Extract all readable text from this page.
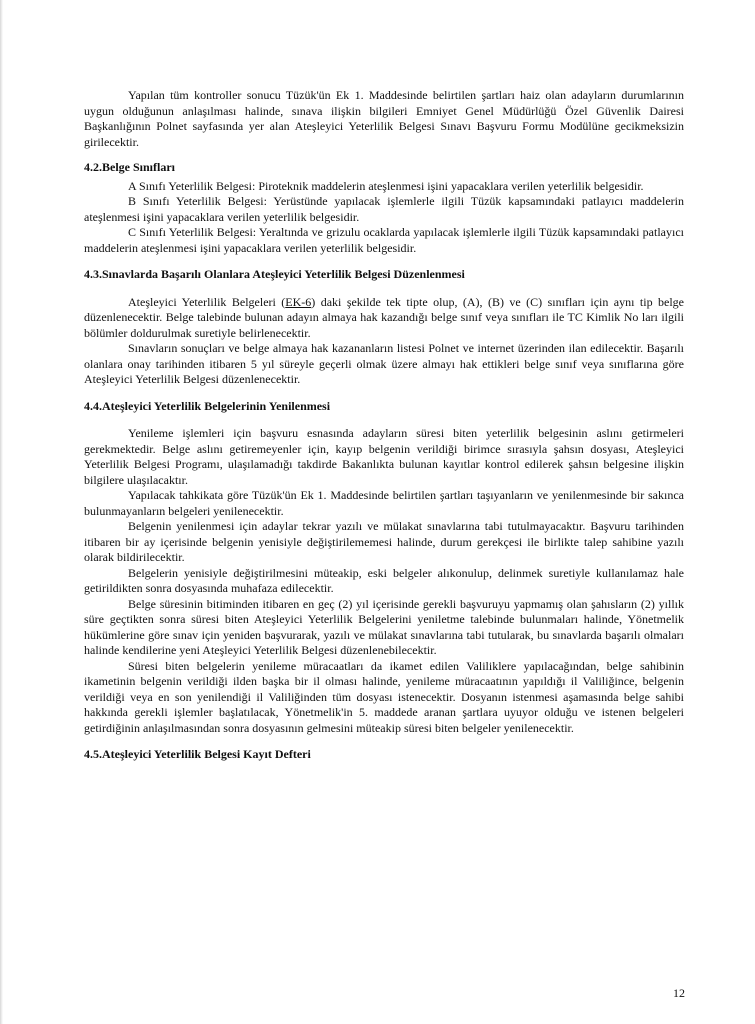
Yapılan tüm kontroller sonucu Tüzük'ün Ek 1. Maddesinde belirtilen şartları haiz olan adayların durumlarının uygun olduğunun anlaşılması halinde, sınava ilişkin bilgileri Emniyet Genel Müdürlüğü Özel Güvenlik Dairesi Başkanlığının Polnet sayfasında yer alan Ateşleyici Yeterlilik Belgesi Sınavı Başvuru Formu Modülüne gecikmeksizin girilecektir.

4.2.Belge Sınıfları

A Sınıfı Yeterlilik Belgesi: Piroteknik maddelerin ateşlenmesi işini yapacaklara verilen yeterlilik belgesidir.

B Sınıfı Yeterlilik Belgesi: Yerüstünde yapılacak işlemlerle ilgili Tüzük kapsamındaki patlayıcı maddelerin ateşlenmesi işini yapacaklara verilen yeterlilik belgesidir.

C Sınıfı Yeterlilik Belgesi: Yeraltında ve grizulu ocaklarda yapılacak işlemlerle ilgili Tüzük kapsamındaki patlayıcı maddelerin ateşlenmesi işini yapacaklara verilen yeterlilik belgesidir.

4.3.Sınavlarda Başarılı Olanlara Ateşleyici Yeterlilik Belgesi Düzenlenmesi

Ateşleyici Yeterlilik Belgeleri (EK-6) daki şekilde tek tipte olup, (A), (B) ve (C) sınıfları için aynı tip belge düzenlenecektir. Belge talebinde bulunan adayın almaya hak kazandığı belge sınıf veya sınıfları ile TC Kimlik No ları ilgili bölümler doldurulmak suretiyle belirlenecektir.

Sınavların sonuçları ve belge almaya hak kazananların listesi Polnet ve internet üzerinden ilan edilecektir. Başarılı olanlara onay tarihinden itibaren 5 yıl süreyle geçerli olmak üzere almayı hak ettikleri belge sınıf veya sınıflarına göre Ateşleyici Yeterlilik Belgesi düzenlenecektir.

4.4.Ateşleyici Yeterlilik Belgelerinin Yenilenmesi

Yenileme işlemleri için başvuru esnasında adayların süresi biten yeterlilik belgesinin aslını getirmeleri gerekmektedir. Belge aslını getiremeyenler için, kayıp belgenin verildiği birimce sırasıyla şahsın dosyası, Ateşleyici Yeterlilik Belgesi Programı, ulaşılamadığı takdirde Bakanlıkta bulunan kayıtlar kontrol edilerek şahsın belgesine ilişkin bilgilere ulaşılacaktır.

Yapılacak tahkikata göre Tüzük'ün Ek 1. Maddesinde belirtilen şartları taşıyanların ve yenilenmesinde bir sakınca bulunmayanların belgeleri yenilenecektir.

Belgenin yenilenmesi için adaylar tekrar yazılı ve mülakat sınavlarına tabi tutulmayacaktır. Başvuru tarihinden itibaren bir ay içerisinde belgenin yenisiyle değiştirilememesi halinde, durum gerekçesi ile birlikte talep sahibine yazılı olarak bildirilecektir.

Belgelerin yenisiyle değiştirilmesini müteakip, eski belgeler alıkonulup, delinmek suretiyle kullanılamaz hale getirildikten sonra dosyasında muhafaza edilecektir.

Belge süresinin bitiminden itibaren en geç (2) yıl içerisinde gerekli başvuruyu yapmamış olan şahısların (2) yıllık süre geçtikten sonra süresi biten Ateşleyici Yeterlilik Belgelerini yeniletme talebinde bulunmaları halinde, Yönetmelik hükümlerine göre sınav için yeniden başvurarak, yazılı ve mülakat sınavlarına tabi tutularak, bu sınavlarda başarılı olmaları halinde kendilerine yeni Ateşleyici Yeterlilik Belgesi düzenlenebilecektir.

Süresi biten belgelerin yenileme müracaatları da ikamet edilen Valiliklere yapılacağından, belge sahibinin ikametinin belgenin verildiği ilden başka bir il olması halinde, yenileme müracaatının yapıldığı il Valiliğince, belgenin verildiği veya en son yenilendiği il Valiliğinden tüm dosyası istenecektir. Dosyanın istenmesi aşamasında belge sahibi hakkında gerekli işlemler başlatılacak, Yönetmelik'in 5. maddede aranan şartlara uyuyor olduğu ve istenen belgeleri getirdiğinin anlaşılmasından sonra dosyasının gelmesini müteakip süresi biten belgeler yenilenecektir.

4.5.Ateşleyici Yeterlilik Belgesi Kayıt Defteri
12
